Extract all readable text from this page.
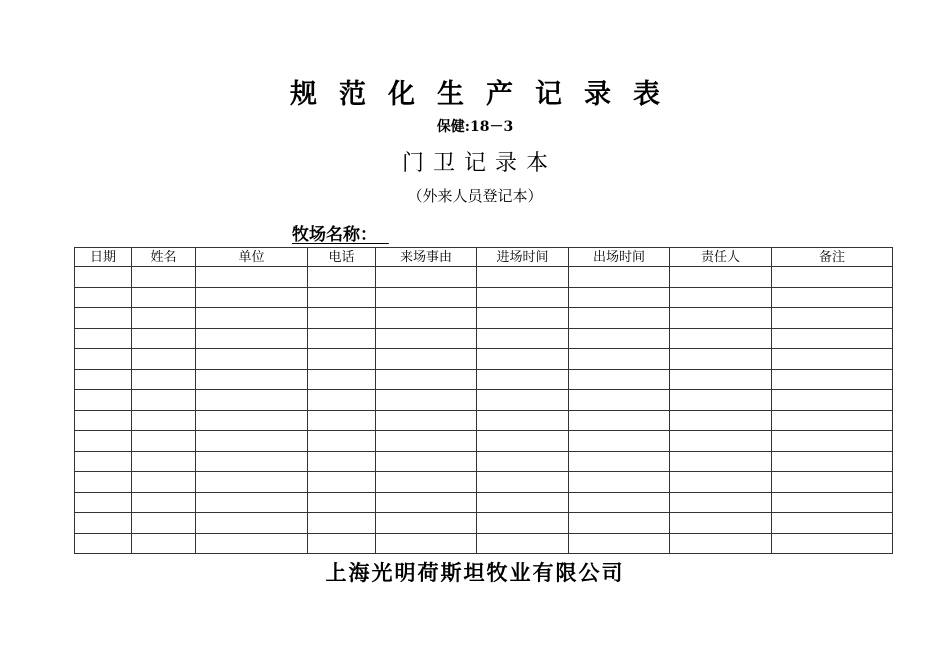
规范化生产记录表
保健:18－3
门卫记录本
（外来人员登记本）
牧场名称：
日期	姓名	单位	电话	来场事由	进场时间	出场时间	责任人	备注

上海光明荷斯坦牧业有限公司
